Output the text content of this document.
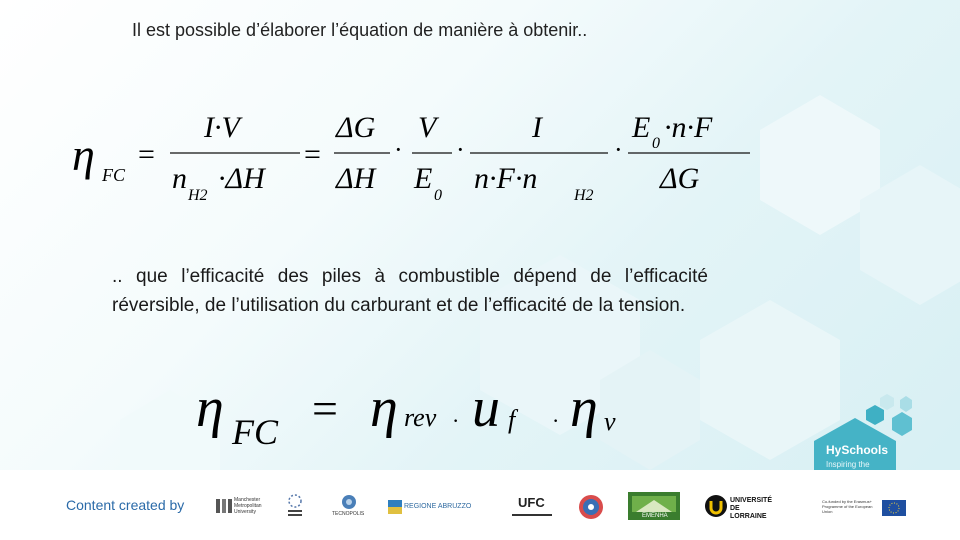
Il est possible d’élaborer l’équation de manière à obtenir..
η FC
=
I·V
n
H2
·ΔH
=
ΔG
ΔH
·
V
E
0
·
I
n·F·n
H2
·
E 0 ·n·F
ΔG
.. que l’efficacité des piles à combustible dépend de l’efficacité réversible, de l’utilisation du carburant et de l’efficacité de la tension.
η FC = η rev · u f · η v
HySchools
Inspiring the
Content created by	Manchester Metropolitan University	TECNOPOLIS
REGIONE ABRUZZO	UFC
EMENHA
UNIVERSITÉ DE LORRAINE
Co-funded by the Erasmus+ Programme of the European Union
